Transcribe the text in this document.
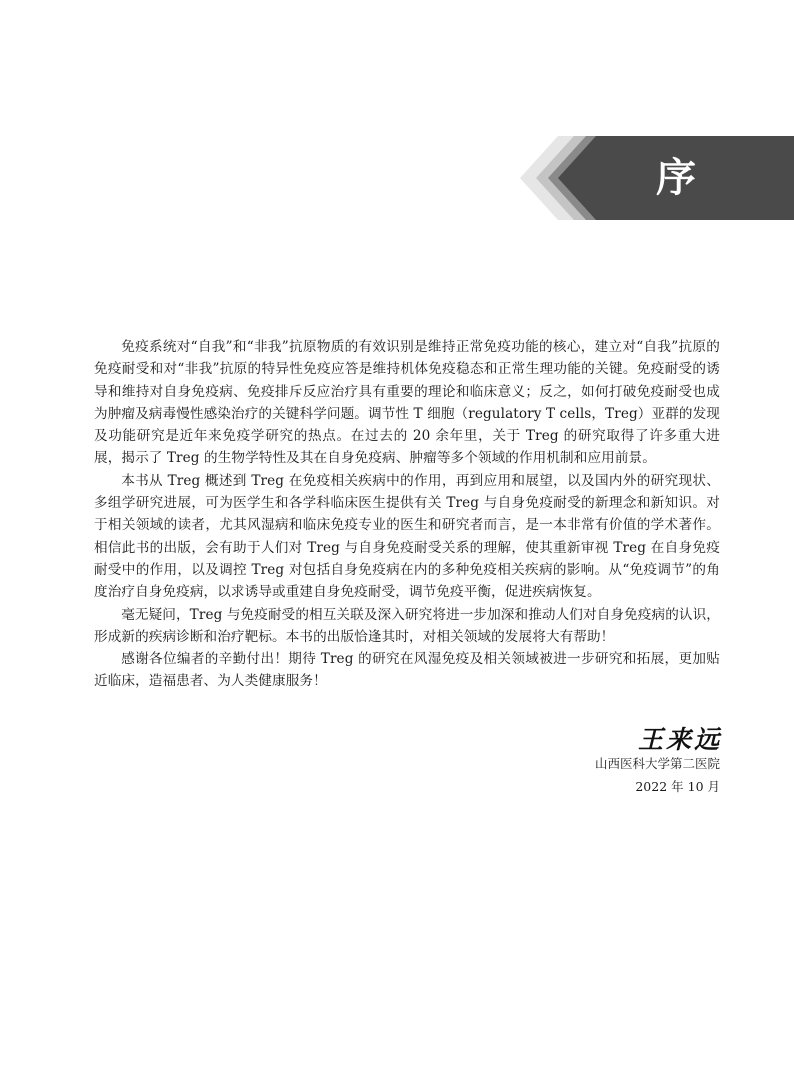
序

免疫系统对“自我”和“非我”抗原物质的有效识别是维持正常免疫功能的核心，建立对“自我”抗原的免疫耐受和对“非我”抗原的特异性免疫应答是维持机体免疫稳态和正常生理功能的关键。免疫耐受的诱导和维持对自身免疫病、免疫排斥反应治疗具有重要的理论和临床意义；反之，如何打破免疫耐受也成为肿瘤及病毒慢性感染治疗的关键科学问题。调节性 T 细胞（regulatory T cells，Treg）亚群的发现及功能研究是近年来免疫学研究的热点。在过去的 20 余年里，关于 Treg 的研究取得了许多重大进展，揭示了 Treg 的生物学特性及其在自身免疫病、肿瘤等多个领域的作用机制和应用前景。

本书从 Treg 概述到 Treg 在免疫相关疾病中的作用，再到应用和展望，以及国内外的研究现状、多组学研究进展，可为医学生和各学科临床医生提供有关 Treg 与自身免疫耐受的新理念和新知识。对于相关领域的读者，尤其风湿病和临床免疫专业的医生和研究者而言，是一本非常有价值的学术著作。相信此书的出版，会有助于人们对 Treg 与自身免疫耐受关系的理解，使其重新审视 Treg 在自身免疫耐受中的作用，以及调控 Treg 对包括自身免疫病在内的多种免疫相关疾病的影响。从“免疫调节”的角度治疗自身免疫病，以求诱导或重建自身免疫耐受，调节免疫平衡，促进疾病恢复。

毫无疑问，Treg 与免疫耐受的相互关联及深入研究将进一步加深和推动人们对自身免疫病的认识，形成新的疾病诊断和治疗靶标。本书的出版恰逢其时，对相关领域的发展将大有帮助！

感谢各位编者的辛勤付出！期待 Treg 的研究在风湿免疫及相关领域被进一步研究和拓展，更加贴近临床，造福患者、为人类健康服务！

王来远
山西医科大学第二医院
2022 年 10 月
